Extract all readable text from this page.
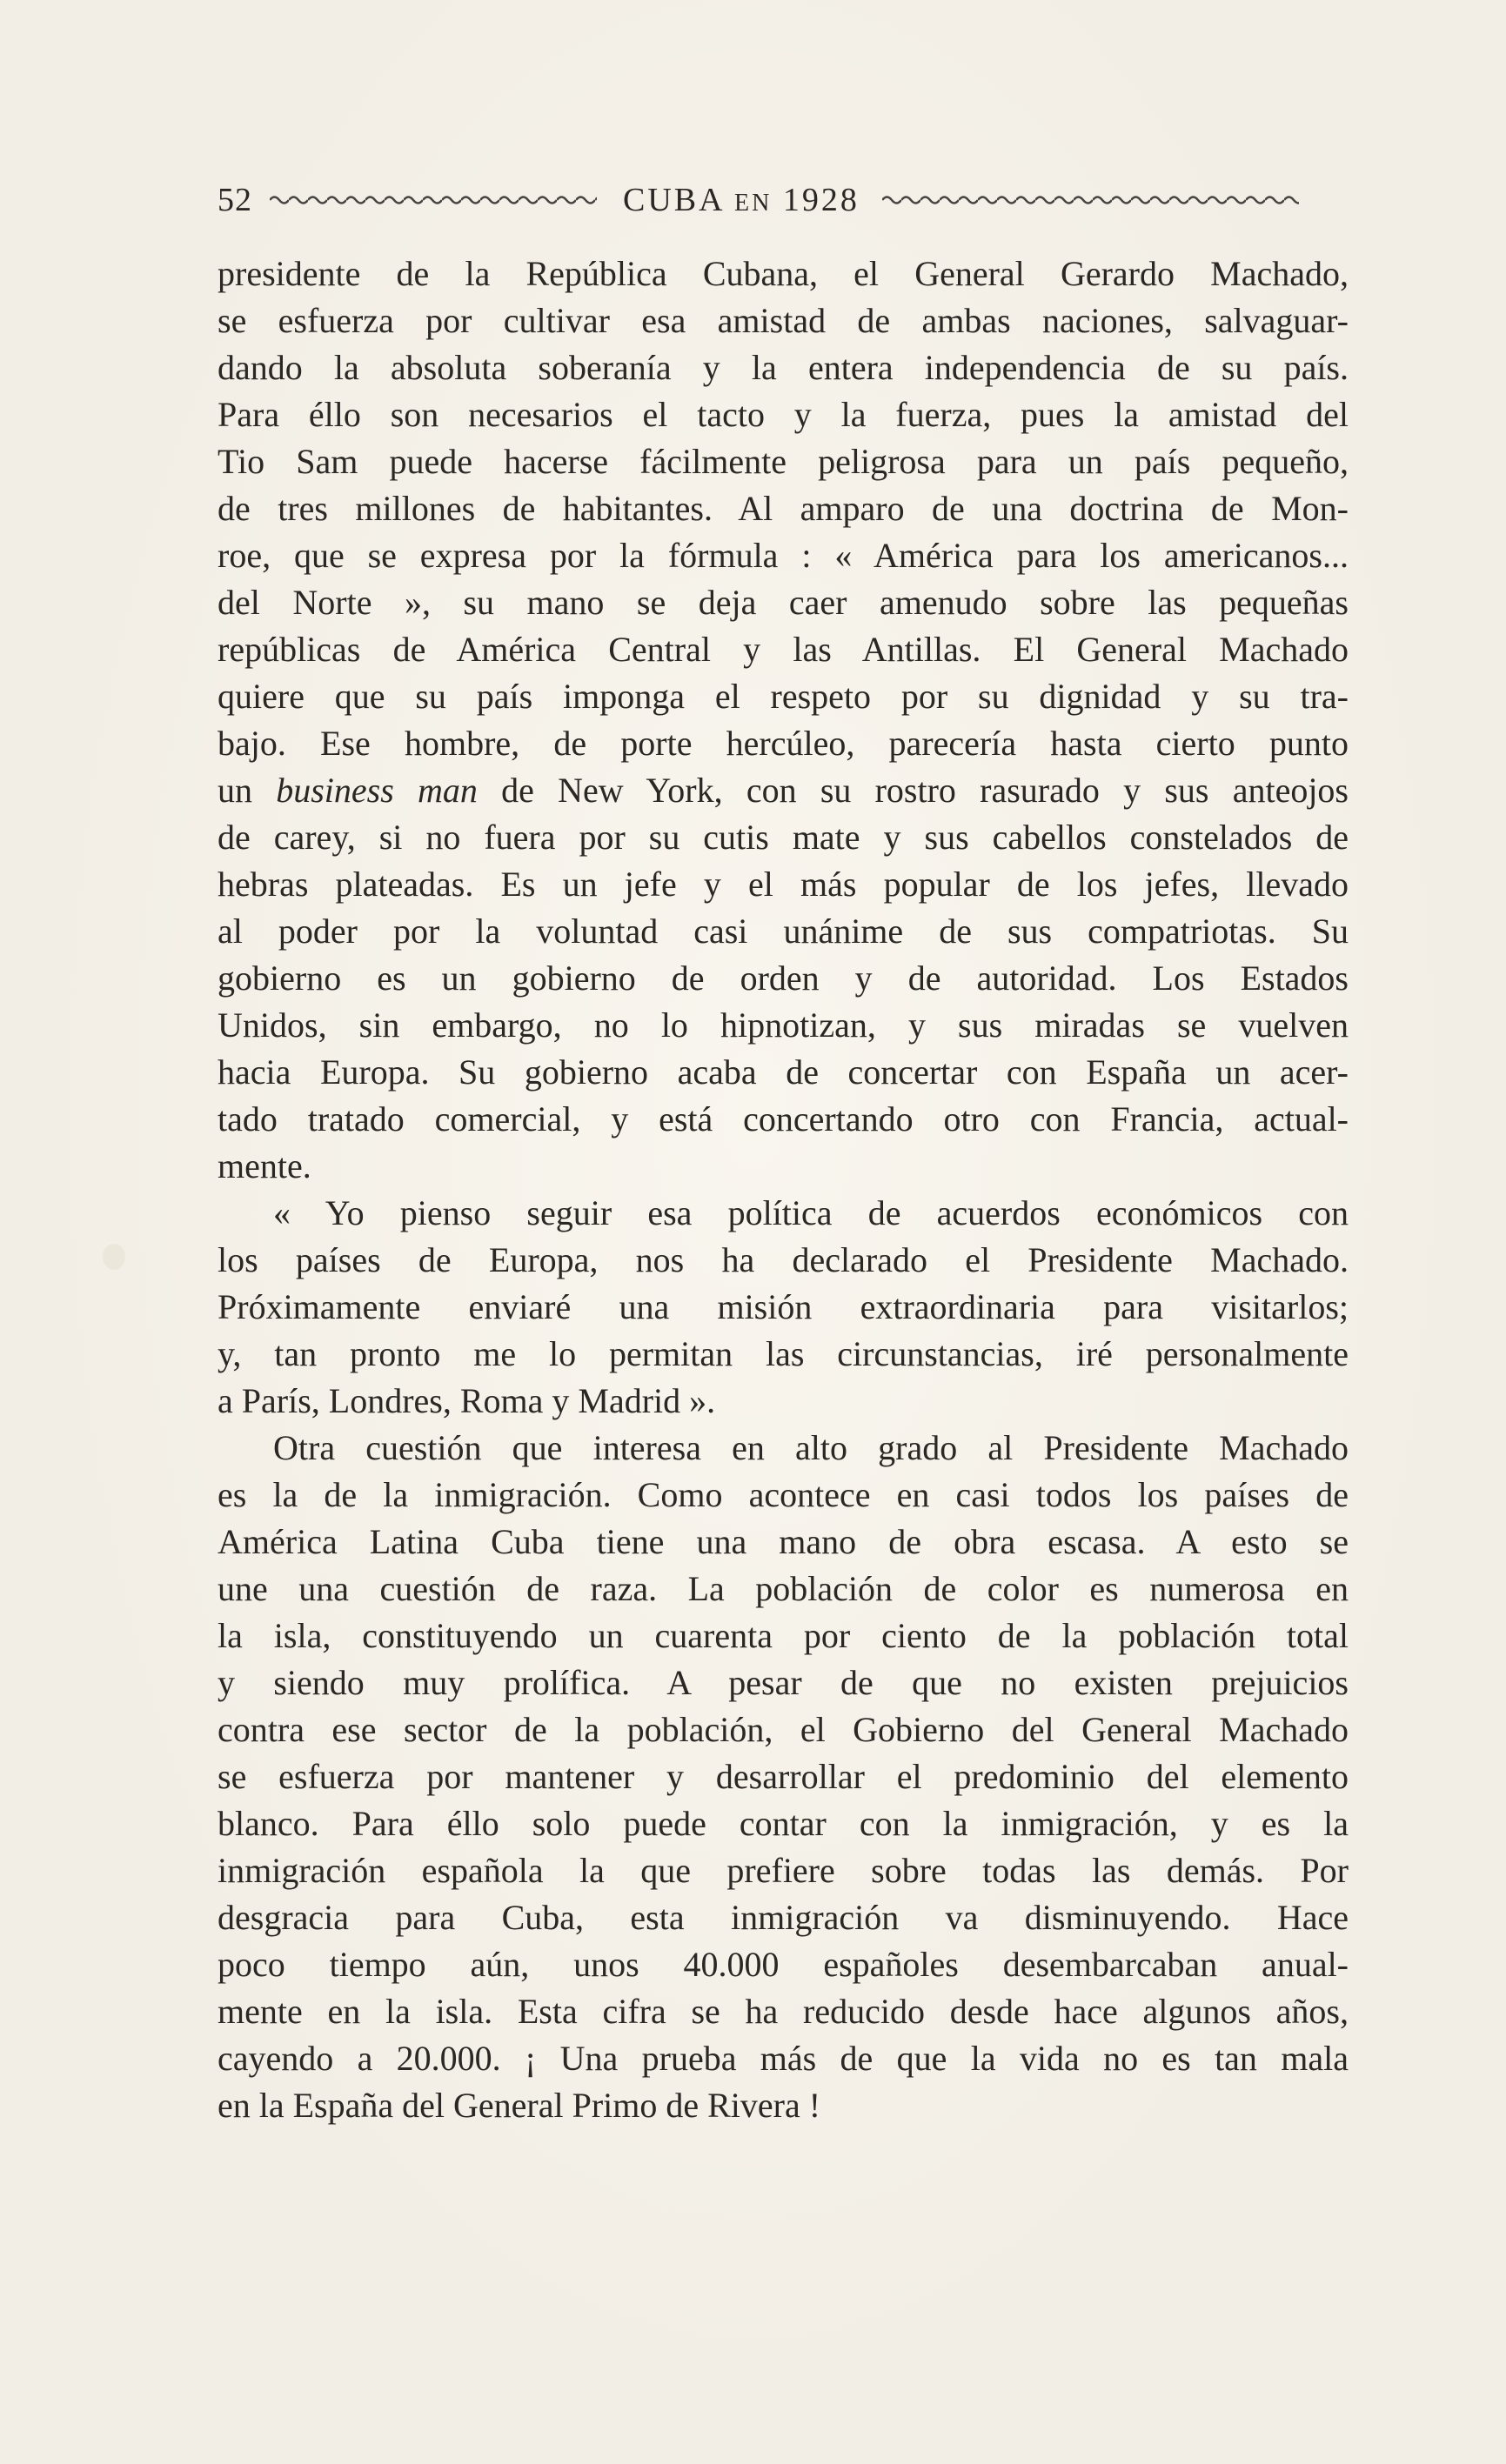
52	CUBA EN 1928
presidente de la República Cubana, el General Gerardo Machado,
se esfuerza por cultivar esa amistad de ambas naciones, salvaguar-
dando la absoluta soberanía y la entera independencia de su país.
Para éllo son necesarios el tacto y la fuerza, pues la amistad del
Tio Sam puede hacerse fácilmente peligrosa para un país pequeño,
de tres millones de habitantes. Al amparo de una doctrina de Mon-
roe, que se expresa por la fórmula : « América para los americanos...
del Norte », su mano se deja caer amenudo sobre las pequeñas
repúblicas de América Central y las Antillas. El General Machado
quiere que su país imponga el respeto por su dignidad y su tra-
bajo. Ese hombre, de porte hercúleo, parecería hasta cierto punto
un business man de New York, con su rostro rasurado y sus anteojos
de carey, si no fuera por su cutis mate y sus cabellos constelados de
hebras plateadas. Es un jefe y el más popular de los jefes, llevado
al poder por la voluntad casi unánime de sus compatriotas. Su
gobierno es un gobierno de orden y de autoridad. Los Estados
Unidos, sin embargo, no lo hipnotizan, y sus miradas se vuelven
hacia Europa. Su gobierno acaba de concertar con España un acer-
tado tratado comercial, y está concertando otro con Francia, actual-
mente.
« Yo pienso seguir esa política de acuerdos económicos con
los países de Europa, nos ha declarado el Presidente Machado.
Próximamente enviaré una misión extraordinaria para visitarlos;
y, tan pronto me lo permitan las circunstancias, iré personalmente
a París, Londres, Roma y Madrid ».
Otra cuestión que interesa en alto grado al Presidente Machado
es la de la inmigración. Como acontece en casi todos los países de
América Latina Cuba tiene una mano de obra escasa. A esto se
une una cuestión de raza. La población de color es numerosa en
la isla, constituyendo un cuarenta por ciento de la población total
y siendo muy prolífica. A pesar de que no existen prejuicios
contra ese sector de la población, el Gobierno del General Machado
se esfuerza por mantener y desarrollar el predominio del elemento
blanco. Para éllo solo puede contar con la inmigración, y es la
inmigración española la que prefiere sobre todas las demás. Por
desgracia para Cuba, esta inmigración va disminuyendo. Hace
poco tiempo aún, unos 40.000 españoles desembarcaban anual-
mente en la isla. Esta cifra se ha reducido desde hace algunos años,
cayendo a 20.000. ¡ Una prueba más de que la vida no es tan mala
en la España del General Primo de Rivera !
